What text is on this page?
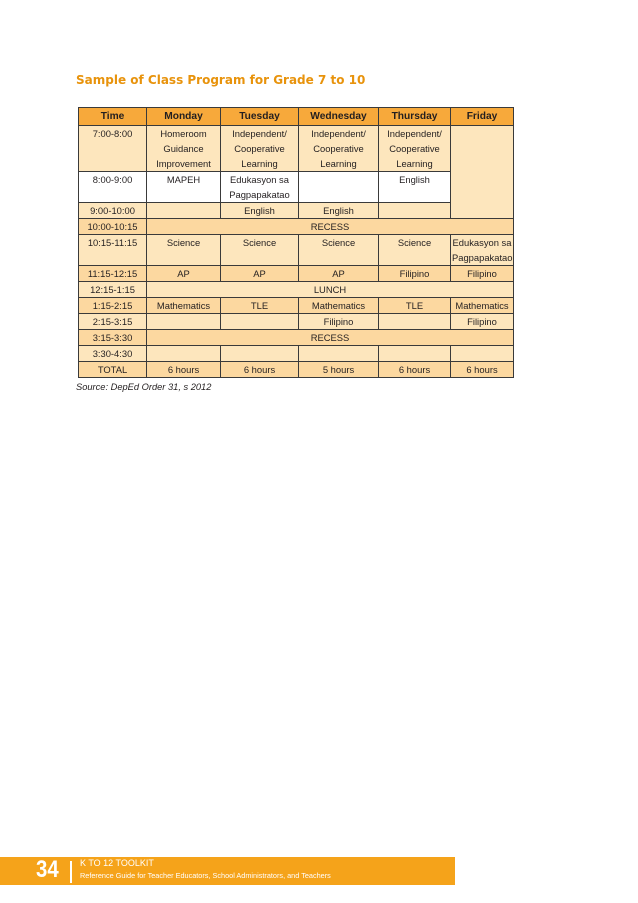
Sample of Class Program for Grade 7 to 10
Time	Monday	Tuesday	Wednesday	Thursday	Friday	
7:00-8:00	Homeroom Guidance Improvement	Independent/ Cooperative Learning	Independent/ Cooperative Learning	Independent/ Cooperative Learning		
8:00-9:00	MAPEH	Edukasyon sa Pagpapakatao		English	
9:00-10:00		English	English			
10:00-10:15	RECESS					
10:15-11:15	Science	Science	Science	Science	Edukasyon sa Pagpapakatao	
11:15-12:15	AP	AP	AP	Filipino	Filipino	
12:15-1:15	LUNCH					
1:15-2:15	Mathematics	TLE	Mathematics	TLE	Mathematics	
2:15-3:15			Filipino		Filipino	
3:15-3:30	RECESS					
3:30-4:30						
TOTAL	6 hours	6 hours	5 hours	6 hours	6 hours	
Source: DepEd Order 31, s 2012
34 K TO 12 TOOLKIT
Reference Guide for Teacher Educators, School Administrators, and Teachers
